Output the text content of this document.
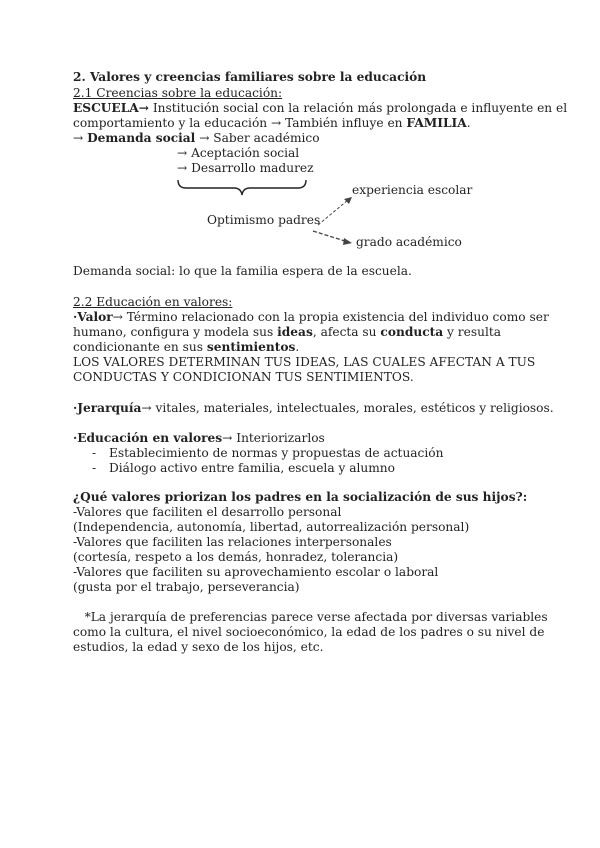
2. Valores y creencias familiares sobre la educación
2.1 Creencias sobre la educación:
ESCUELA→ Institución social con la relación más prolongada e influyente en el
comportamiento y la educación → También influye en FAMILIA.
→ Demanda social → Saber académico
→ Aceptación social
→ Desarrollo madurez
experiencia escolar
Optimismo padres
grado académico
Demanda social: lo que la familia espera de la escuela.
2.2 Educación en valores:
·Valor→ Término relacionado con la propia existencia del individuo como ser
humano, configura y modela sus ideas, afecta su conducta y resulta
condicionante en sus sentimientos.
LOS VALORES DETERMINAN TUS IDEAS, LAS CUALES AFECTAN A TUS
CONDUCTAS Y CONDICIONAN TUS SENTIMIENTOS.
·Jerarquía→ vitales, materiales, intelectuales, morales, estéticos y religiosos.
·Educación en valores→ Interiorizarlos
- Establecimiento de normas y propuestas de actuación
- Diálogo activo entre familia, escuela y alumno
¿Qué valores priorizan los padres en la socialización de sus hijos?:
-Valores que faciliten el desarrollo personal
(Independencia, autonomía, libertad, autorrealización personal)
-Valores que faciliten las relaciones interpersonales
(cortesía, respeto a los demás, honradez, tolerancia)
-Valores que faciliten su aprovechamiento escolar o laboral
(gusta por el trabajo, perseverancia)
*La jerarquía de preferencias parece verse afectada por diversas variables
como la cultura, el nivel socioeconómico, la edad de los padres o su nivel de
estudios, la edad y sexo de los hijos, etc.
